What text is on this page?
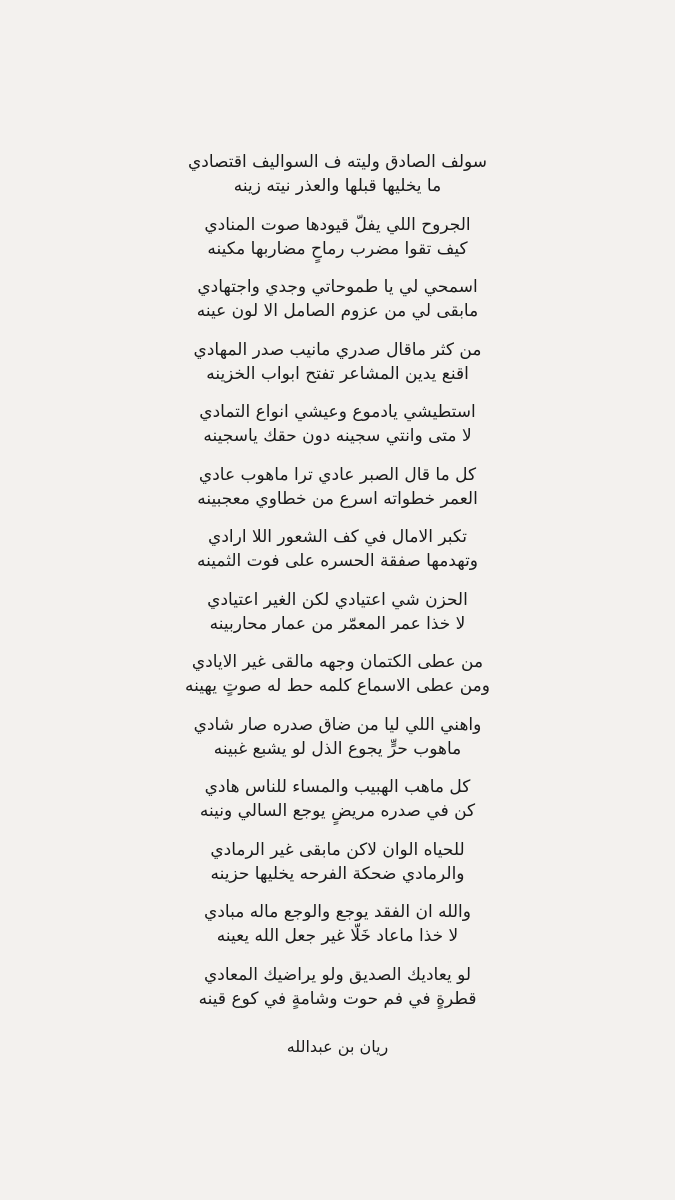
سولف الصادق وليته ف السواليف اقتصادي
ما يخليها قبلها والعذر نيته زينه
الجروح اللي يفلّ قيودها صوت المنادي
كيف تقوا مضرب رماحٍ مضاربها مكينه
اسمحي لي يا طموحاتي وجدي واجتهادي
مابقى لي من عزوم الصامل الا لون عينه
من كثر ماقال صدري مانيب صدر المهادي
اقنع يدين المشاعر تفتح ابواب الخزينه
استطيشي يادموع وعيشي انواع التمادي
لا متى وانتي سجينه دون حقك ياسجينه
كل ما قال الصبر عادي ترا ماهوب عادي
العمر خطواته اسرع من خطاوي معجبينه
تكبر الامال في كف الشعور اللا ارادي
وتهدمها صفقة الحسره على فوت الثمينه
الحزن شي اعتيادي لكن الغير اعتيادي
لا خذا عمر المعمّر من عمار محاربينه
من عطى الكتمان وجهه مالقى غير الايادي
ومن عطى الاسماع كلمه حط له صوتٍ يهينه
واهني اللي ليا من ضاق صدره صار شادي
ماهوب حرٍّ يجوع الذل لو يشبع غبينه
كل ماهب الهبيب والمساء للناس هادي
كن في صدره مريضٍ يوجع السالي ونينه
للحياه الوان لاكن مابقى غير الرمادي
والرمادي ضحكة الفرحه يخليها حزينه
والله ان الفقد يوجع والوجع ماله مبادي
لا خذا ماعاد خَلّا غير جعل الله يعينه
لو يعاديك الصديق ولو يراضيك المعادي
قطرةٍ في فم حوت وشامةٍ في كوع قينه
ريان بن عبدالله
